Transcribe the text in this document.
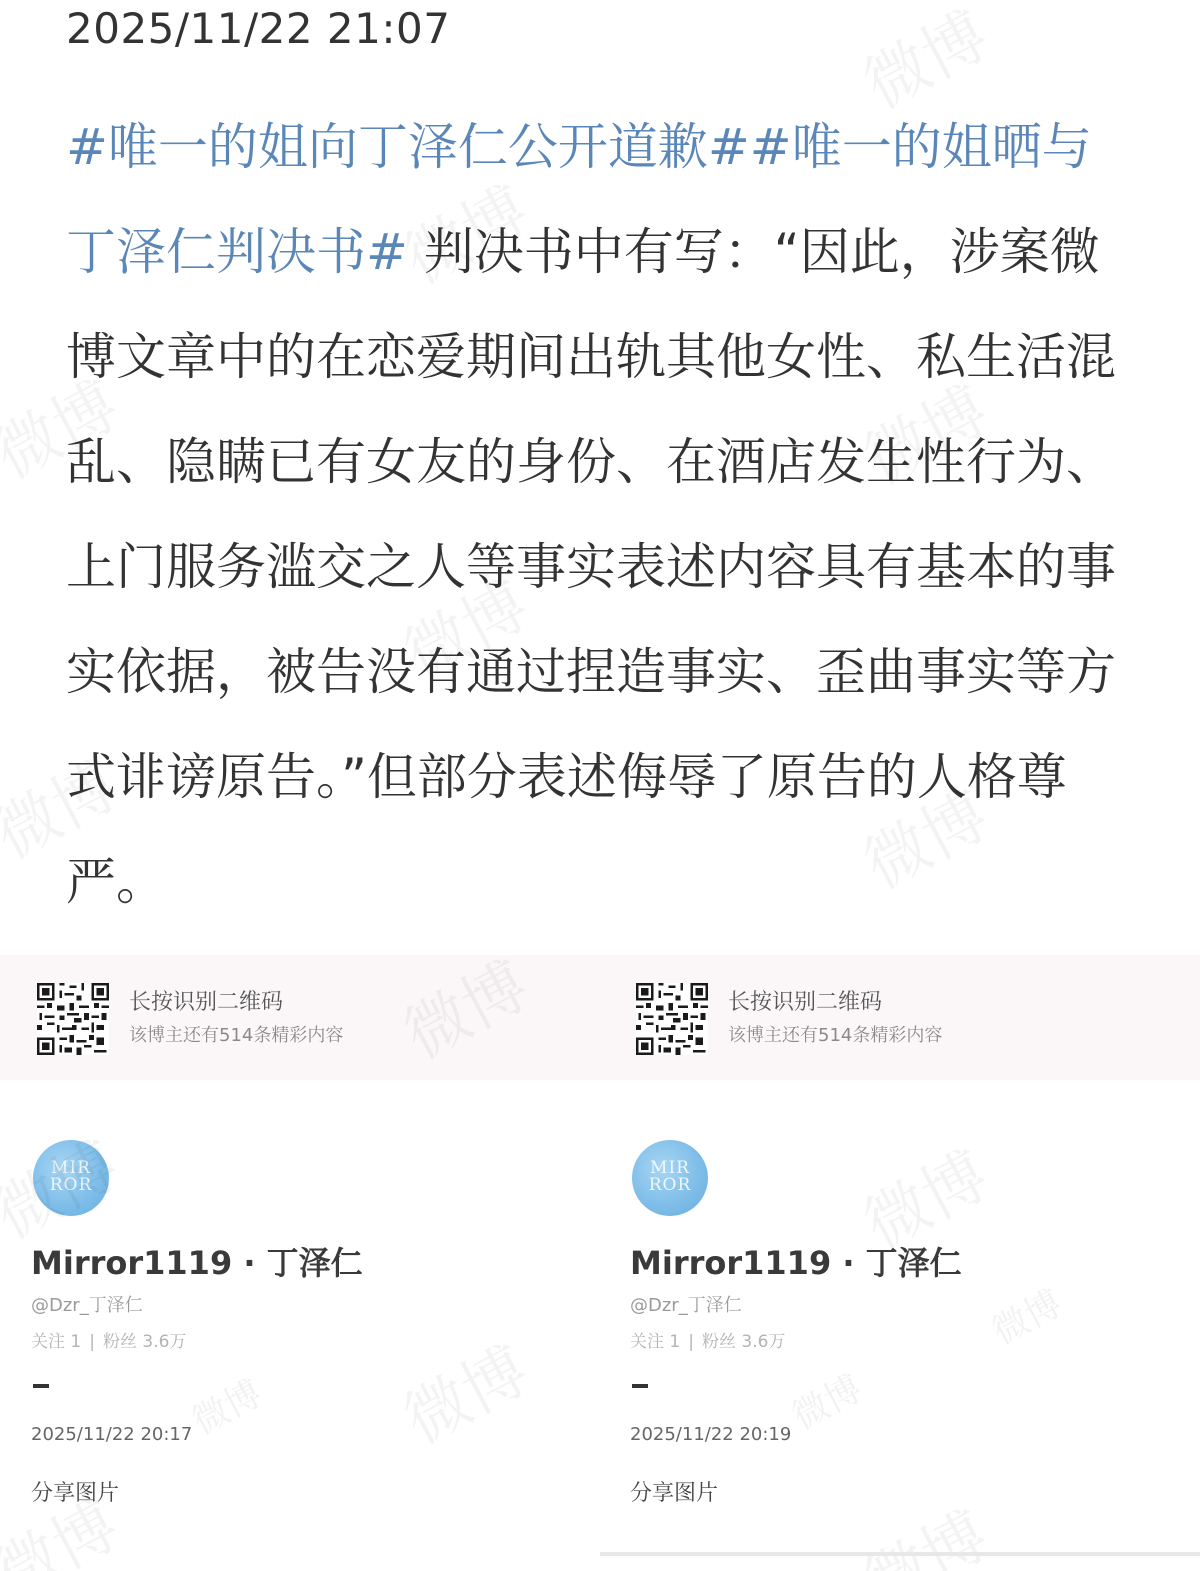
2025/11/22 21:07

#唯一的姐向丁泽仁公开道歉##唯一的姐晒与丁泽仁判决书# 判决书中有写：“因此，涉案微博文章中的在恋爱期间出轨其他女性、私生活混乱、隐瞒已有女友的身份、在酒店发生性行为、上门服务滥交之人等事实表述内容具有基本的事实依据，被告没有通过捏造事实、歪曲事实等方式诽谤原告。”但部分表述侮辱了原告的人格尊严。

长按识别二维码
该博主还有514条精彩内容
长按识别二维码
该博主还有514条精彩内容
MIR
ROR
Mirror1119 · 丁泽仁
@Dzr_丁泽仁
关注 1 | 粉丝 3.6万
2025/11/22 20:17
分享图片
MIR
ROR
Mirror1119 · 丁泽仁
@Dzr_丁泽仁
关注 1 | 粉丝 3.6万
2025/11/22 20:19
分享图片
微博	微博
微博
